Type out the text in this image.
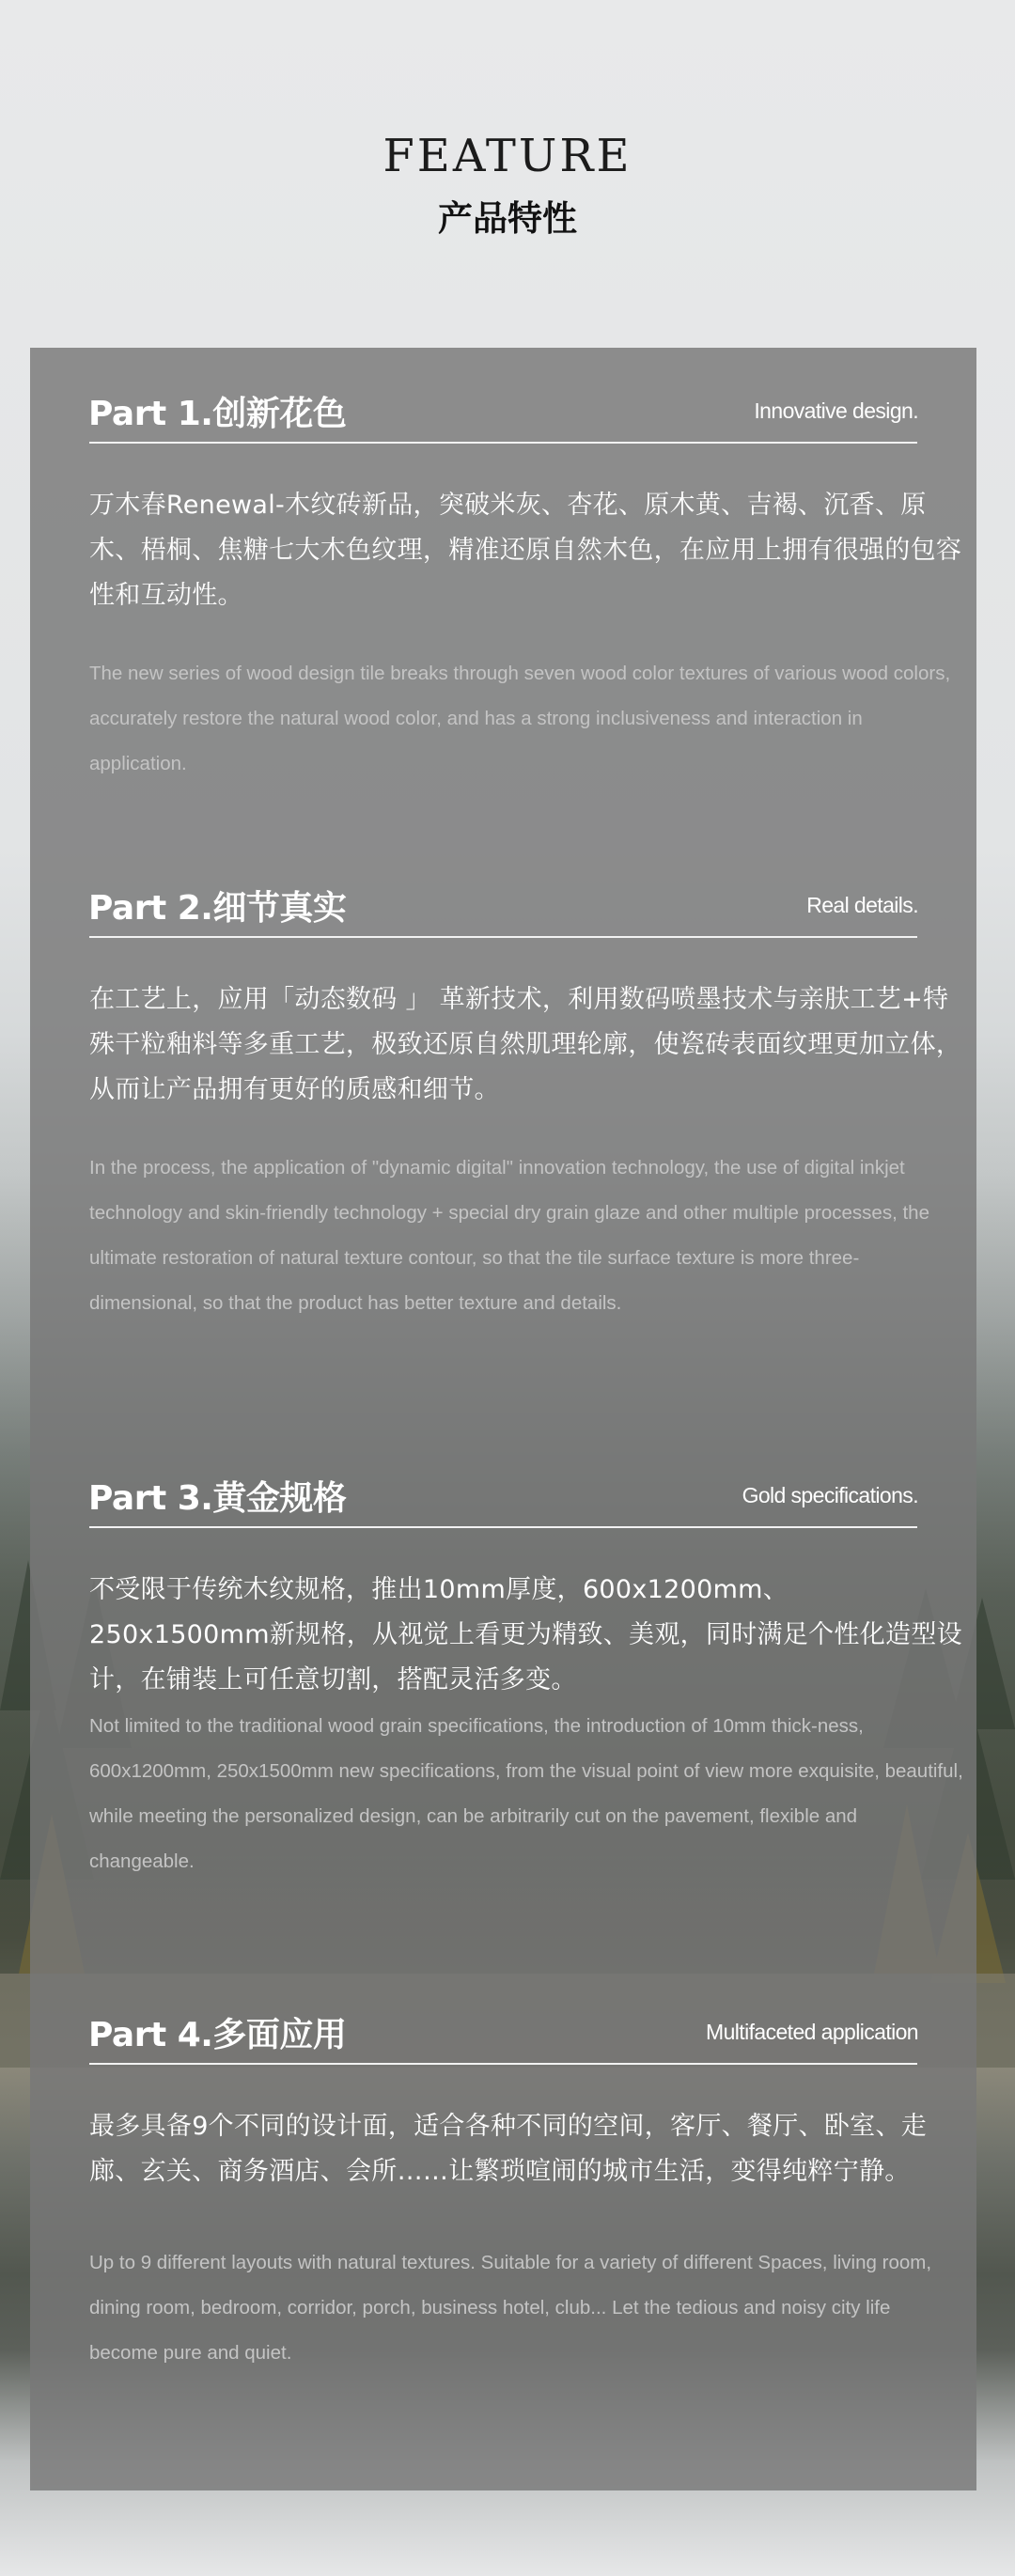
FEATURE
产品特性
Part 1.创新花色	Innovative design.
万木春Renewal-木纹砖新品，突破米灰、杏花、原木黄、吉褐、沉香、原木、梧桐、焦糖七大木色纹理，精准还原自然木色，在应用上拥有很强的包容性和互动性。
The new series of wood design tile breaks through seven wood color textures of various wood colors, accurately restore the natural wood color, and has a strong inclusiveness and interaction in application.
Part 2.细节真实	Real details.
在工艺上，应用「动态数码 」 革新技术，利用数码喷墨技术与亲肤工艺+特殊干粒釉料等多重工艺，极致还原自然肌理轮廓，使瓷砖表面纹理更加立体，从而让产品拥有更好的质感和细节。
In the process, the application of "dynamic digital" innovation technology, the use of digital inkjet technology and skin-friendly technology + special dry grain glaze and other multiple processes, the ultimate restoration of natural texture contour, so that the tile surface texture is more three-dimensional, so that the product has better texture and details.
Part 3.黄金规格	Gold specifications.
不受限于传统木纹规格，推出10mm厚度，600x1200mm、250x1500mm新规格，从视觉上看更为精致、美观，同时满足个性化造型设计，在铺装上可任意切割，搭配灵活多变。
Not limited to the traditional wood grain specifications, the introduction of 10mm thick-ness, 600x1200mm, 250x1500mm new specifications, from the visual point of view more exquisite, beautiful, while meeting the personalized design, can be arbitrarily cut on the pavement, flexible and changeable.
Part 4.多面应用	Multifaceted application
最多具备9个不同的设计面，适合各种不同的空间，客厅、餐厅、卧室、走廊、玄关、商务酒店、会所……让繁琐喧闹的城市生活，变得纯粹宁静。
Up to 9 different layouts with natural textures. Suitable for a variety of different Spaces, living room, dining room, bedroom, corridor, porch, business hotel, club... Let the tedious and noisy city life become pure and quiet.
